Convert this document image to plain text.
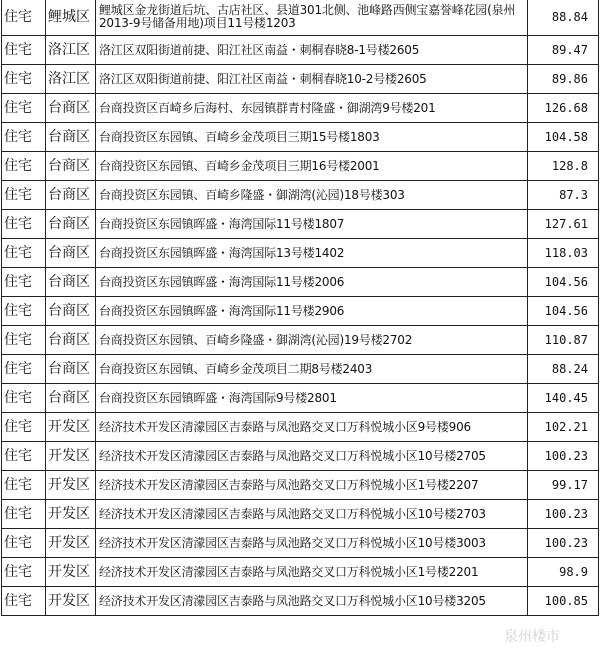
住宅	鲤城区	鲤城区金龙街道后坑、古店社区、县道301北侧、池峰路西侧宝嘉誉峰花园(泉州2013-9号储备用地)项目11号楼1203	88.84
住宅	洛江区	洛江区双阳街道前捷、阳江社区南益・刺桐春晓8-1号楼2605	89.47
住宅	洛江区	洛江区双阳街道前捷、阳江社区南益・刺桐春晓10-2号楼2605	89.86
住宅	台商区	台商投资区百崎乡后海村、东园镇群青村隆盛・御湖湾9号楼201	126.68
住宅	台商区	台商投资区东园镇、百崎乡金茂项目三期15号楼1803	104.58
住宅	台商区	台商投资区东园镇、百崎乡金茂项目三期16号楼2001	128.8
住宅	台商区	台商投资区东园镇、百崎乡隆盛・御湖湾(沁园)18号楼303	87.3
住宅	台商区	台商投资区东园镇晖盛・海湾国际11号楼1807	127.61
住宅	台商区	台商投资区东园镇晖盛・海湾国际13号楼1402	118.03
住宅	台商区	台商投资区东园镇晖盛・海湾国际11号楼2006	104.56
住宅	台商区	台商投资区东园镇晖盛・海湾国际11号楼2906	104.56
住宅	台商区	台商投资区东园镇、百崎乡隆盛・御湖湾(沁园)19号楼2702	110.87
住宅	台商区	台商投资区东园镇、百崎乡金茂项目二期8号楼2403	88.24
住宅	台商区	台商投资区东园镇晖盛・海湾国际9号楼2801	140.45
住宅	开发区	经济技术开发区清濛园区吉泰路与凤池路交叉口万科悦城小区9号楼906	102.21
住宅	开发区	经济技术开发区清濛园区吉泰路与凤池路交叉口万科悦城小区10号楼2705	100.23
住宅	开发区	经济技术开发区清濛园区吉泰路与凤池路交叉口万科悦城小区1号楼2207	99.17
住宅	开发区	经济技术开发区清濛园区吉泰路与凤池路交叉口万科悦城小区10号楼2703	100.23
住宅	开发区	经济技术开发区清濛园区吉泰路与凤池路交叉口万科悦城小区10号楼3003	100.23
住宅	开发区	经济技术开发区清濛园区吉泰路与凤池路交叉口万科悦城小区1号楼2201	98.9
住宅	开发区	经济技术开发区清濛园区吉泰路与凤池路交叉口万科悦城小区10号楼3205	100.85
泉州楼市
